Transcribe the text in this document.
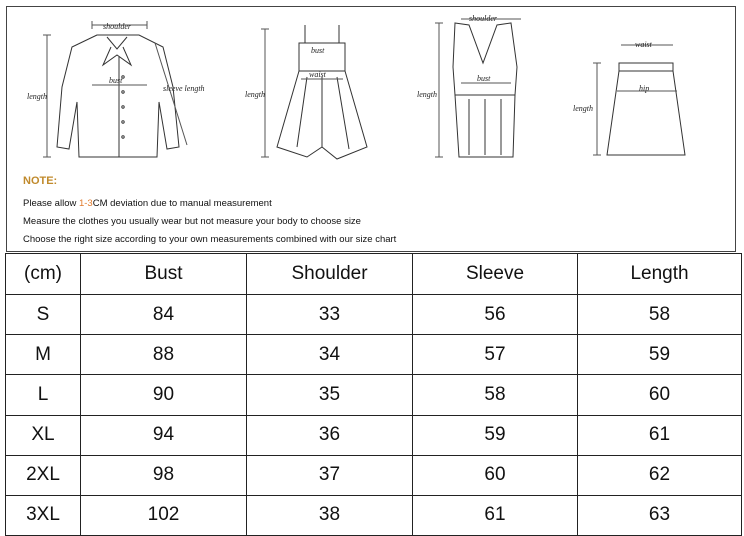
length
shoulder
bust
sleeve length
length
bust
waist
length
shoulder
bust
length
waist
hip

NOTE:

Please allow 1-3CM deviation due to manual measurement

Measure the clothes you usually wear but not measure your body to choose size

Choose the right size according to your own measurements combined with our size chart

(cm)	Bust	Shoulder	Sleeve	Length
S	84	33	56	58
M	88	34	57	59
L	90	35	58	60
XL	94	36	59	61
2XL	98	37	60	62
3XL	102	38	61	63
